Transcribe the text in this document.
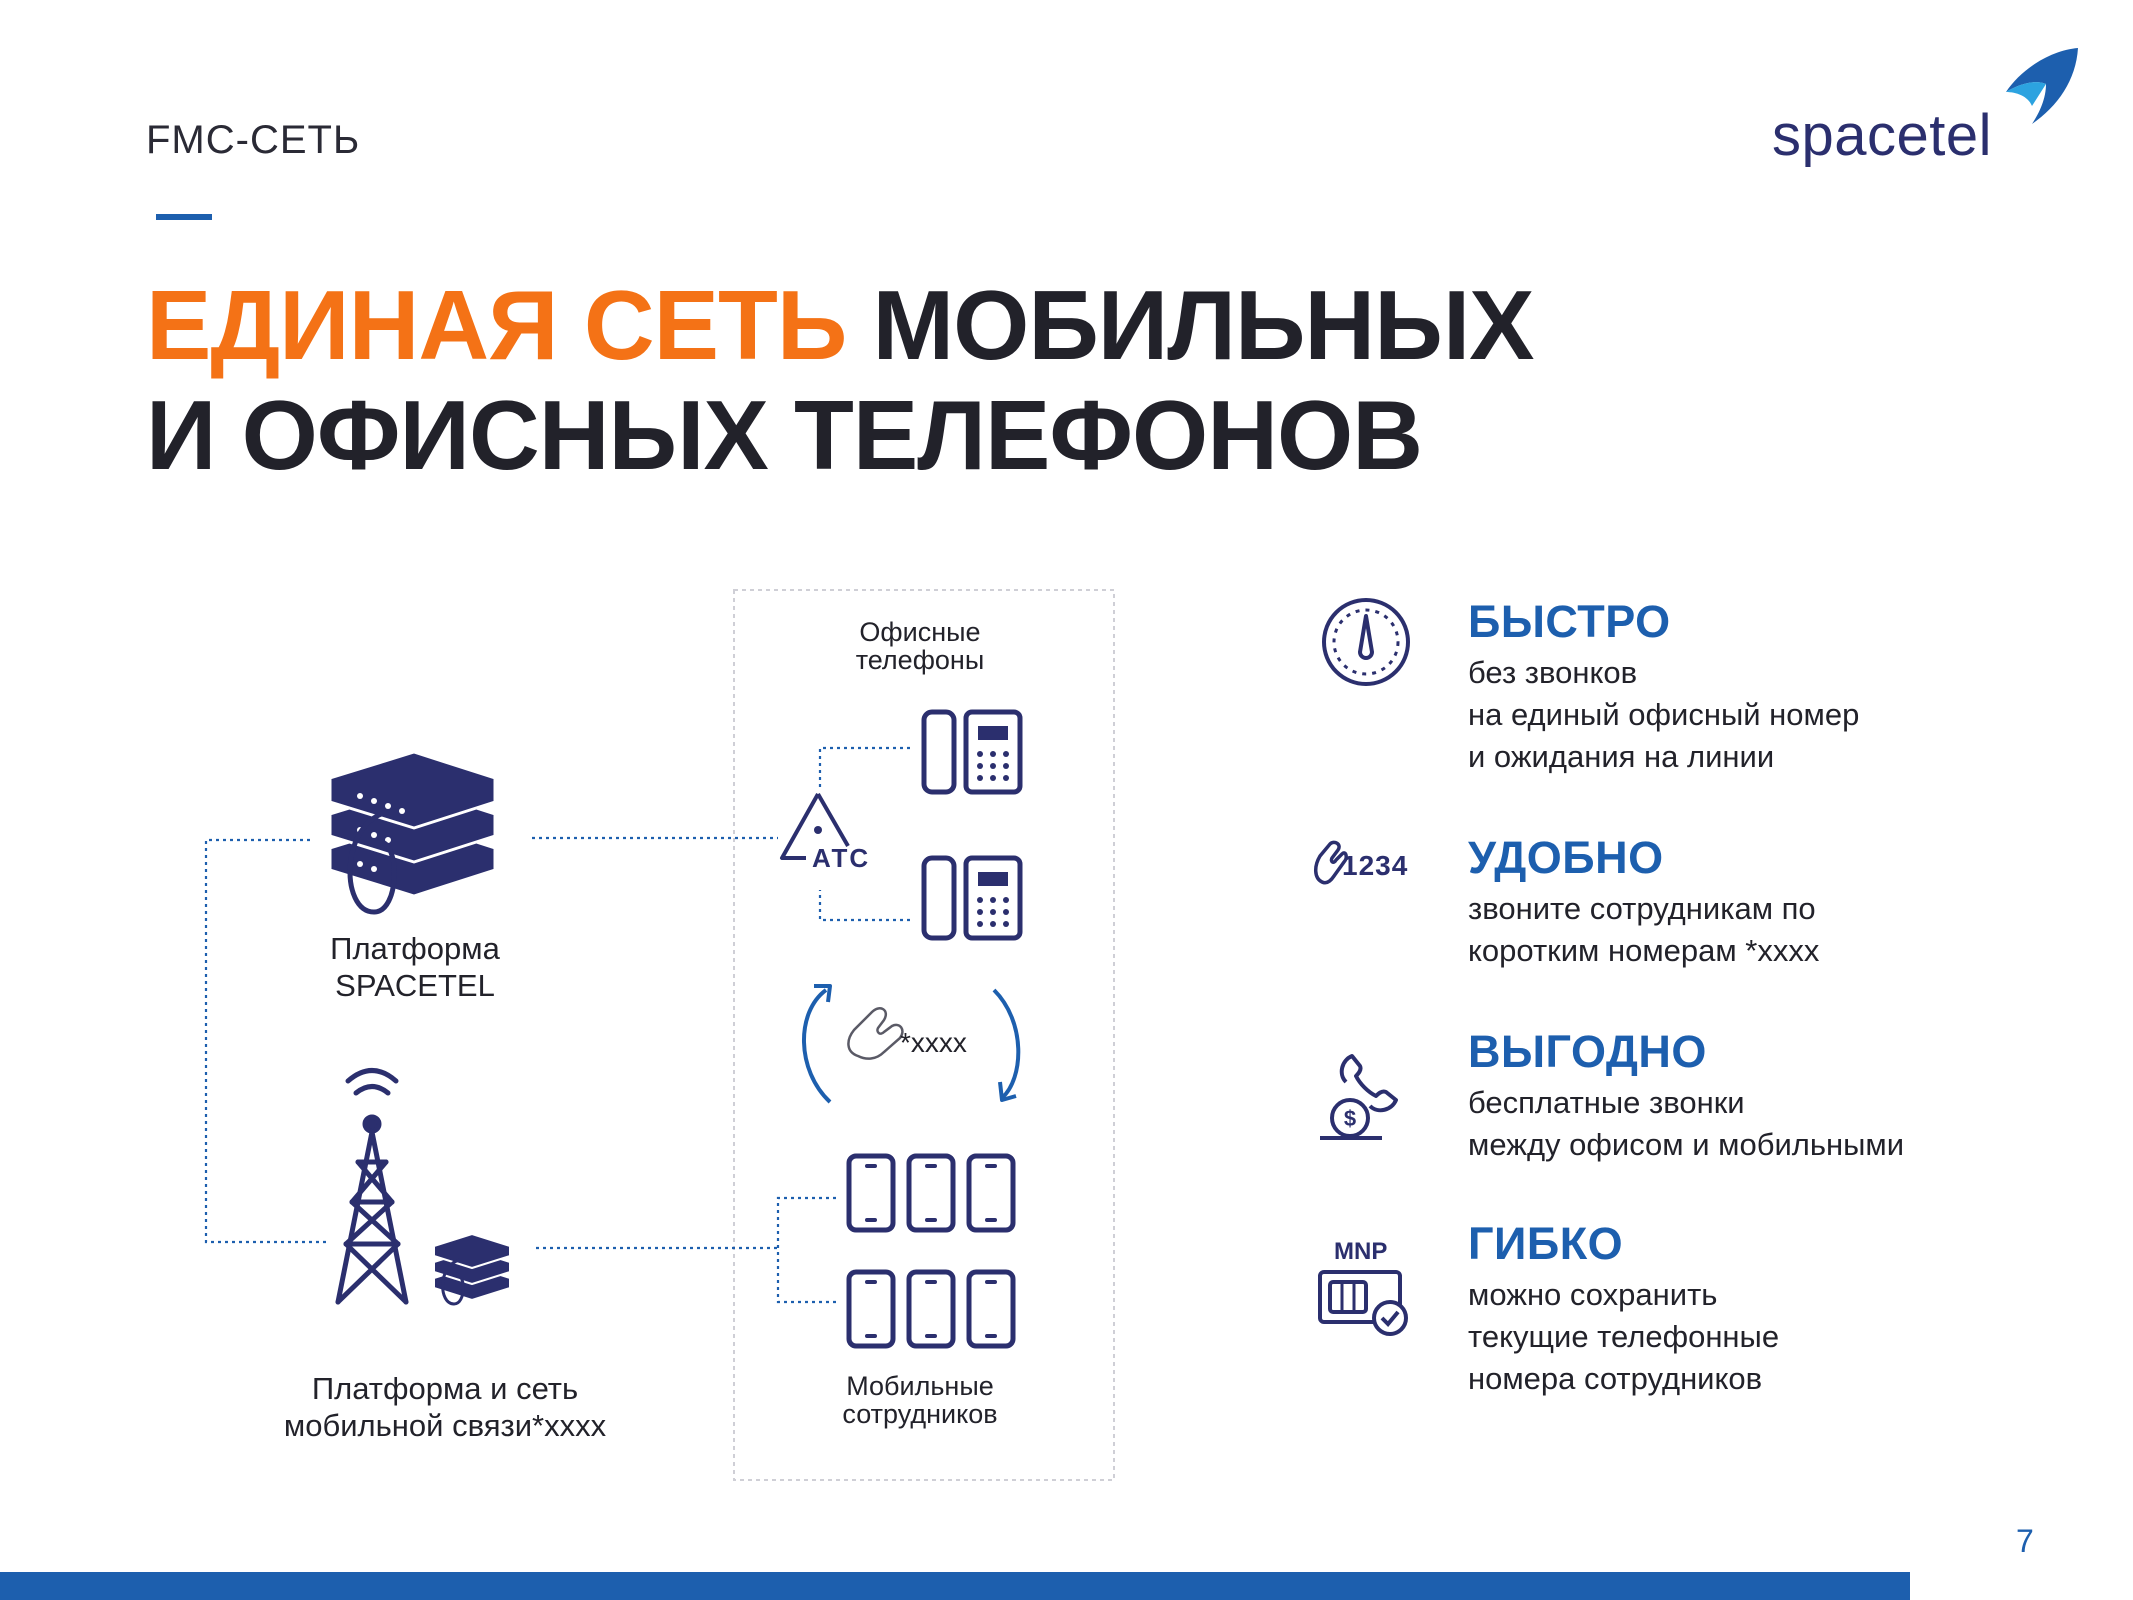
FMC-СЕТЬ
ЕДИНАЯ СЕТЬ МОБИЛЬНЫХ
И ОФИСНЫХ ТЕЛЕФОНОВ
spacetel
Платформа
SPACETEL
Офисные
телефоны
АТС
*xxxx
Мобильные
сотрудников
Платформа и сеть
мобильной связи*xxxx
БЫСТРО
без звонков
на единый офисный номер
и ожидания на линии
1234 УДОБНО
звоните сотрудникам по
коротким номерам *xxxx
$
ВЫГОДНО
бесплатные звонки
между офисом и мобильными
MNP ГИБКО
можно сохранить
текущие телефонные
номера сотрудников
7
